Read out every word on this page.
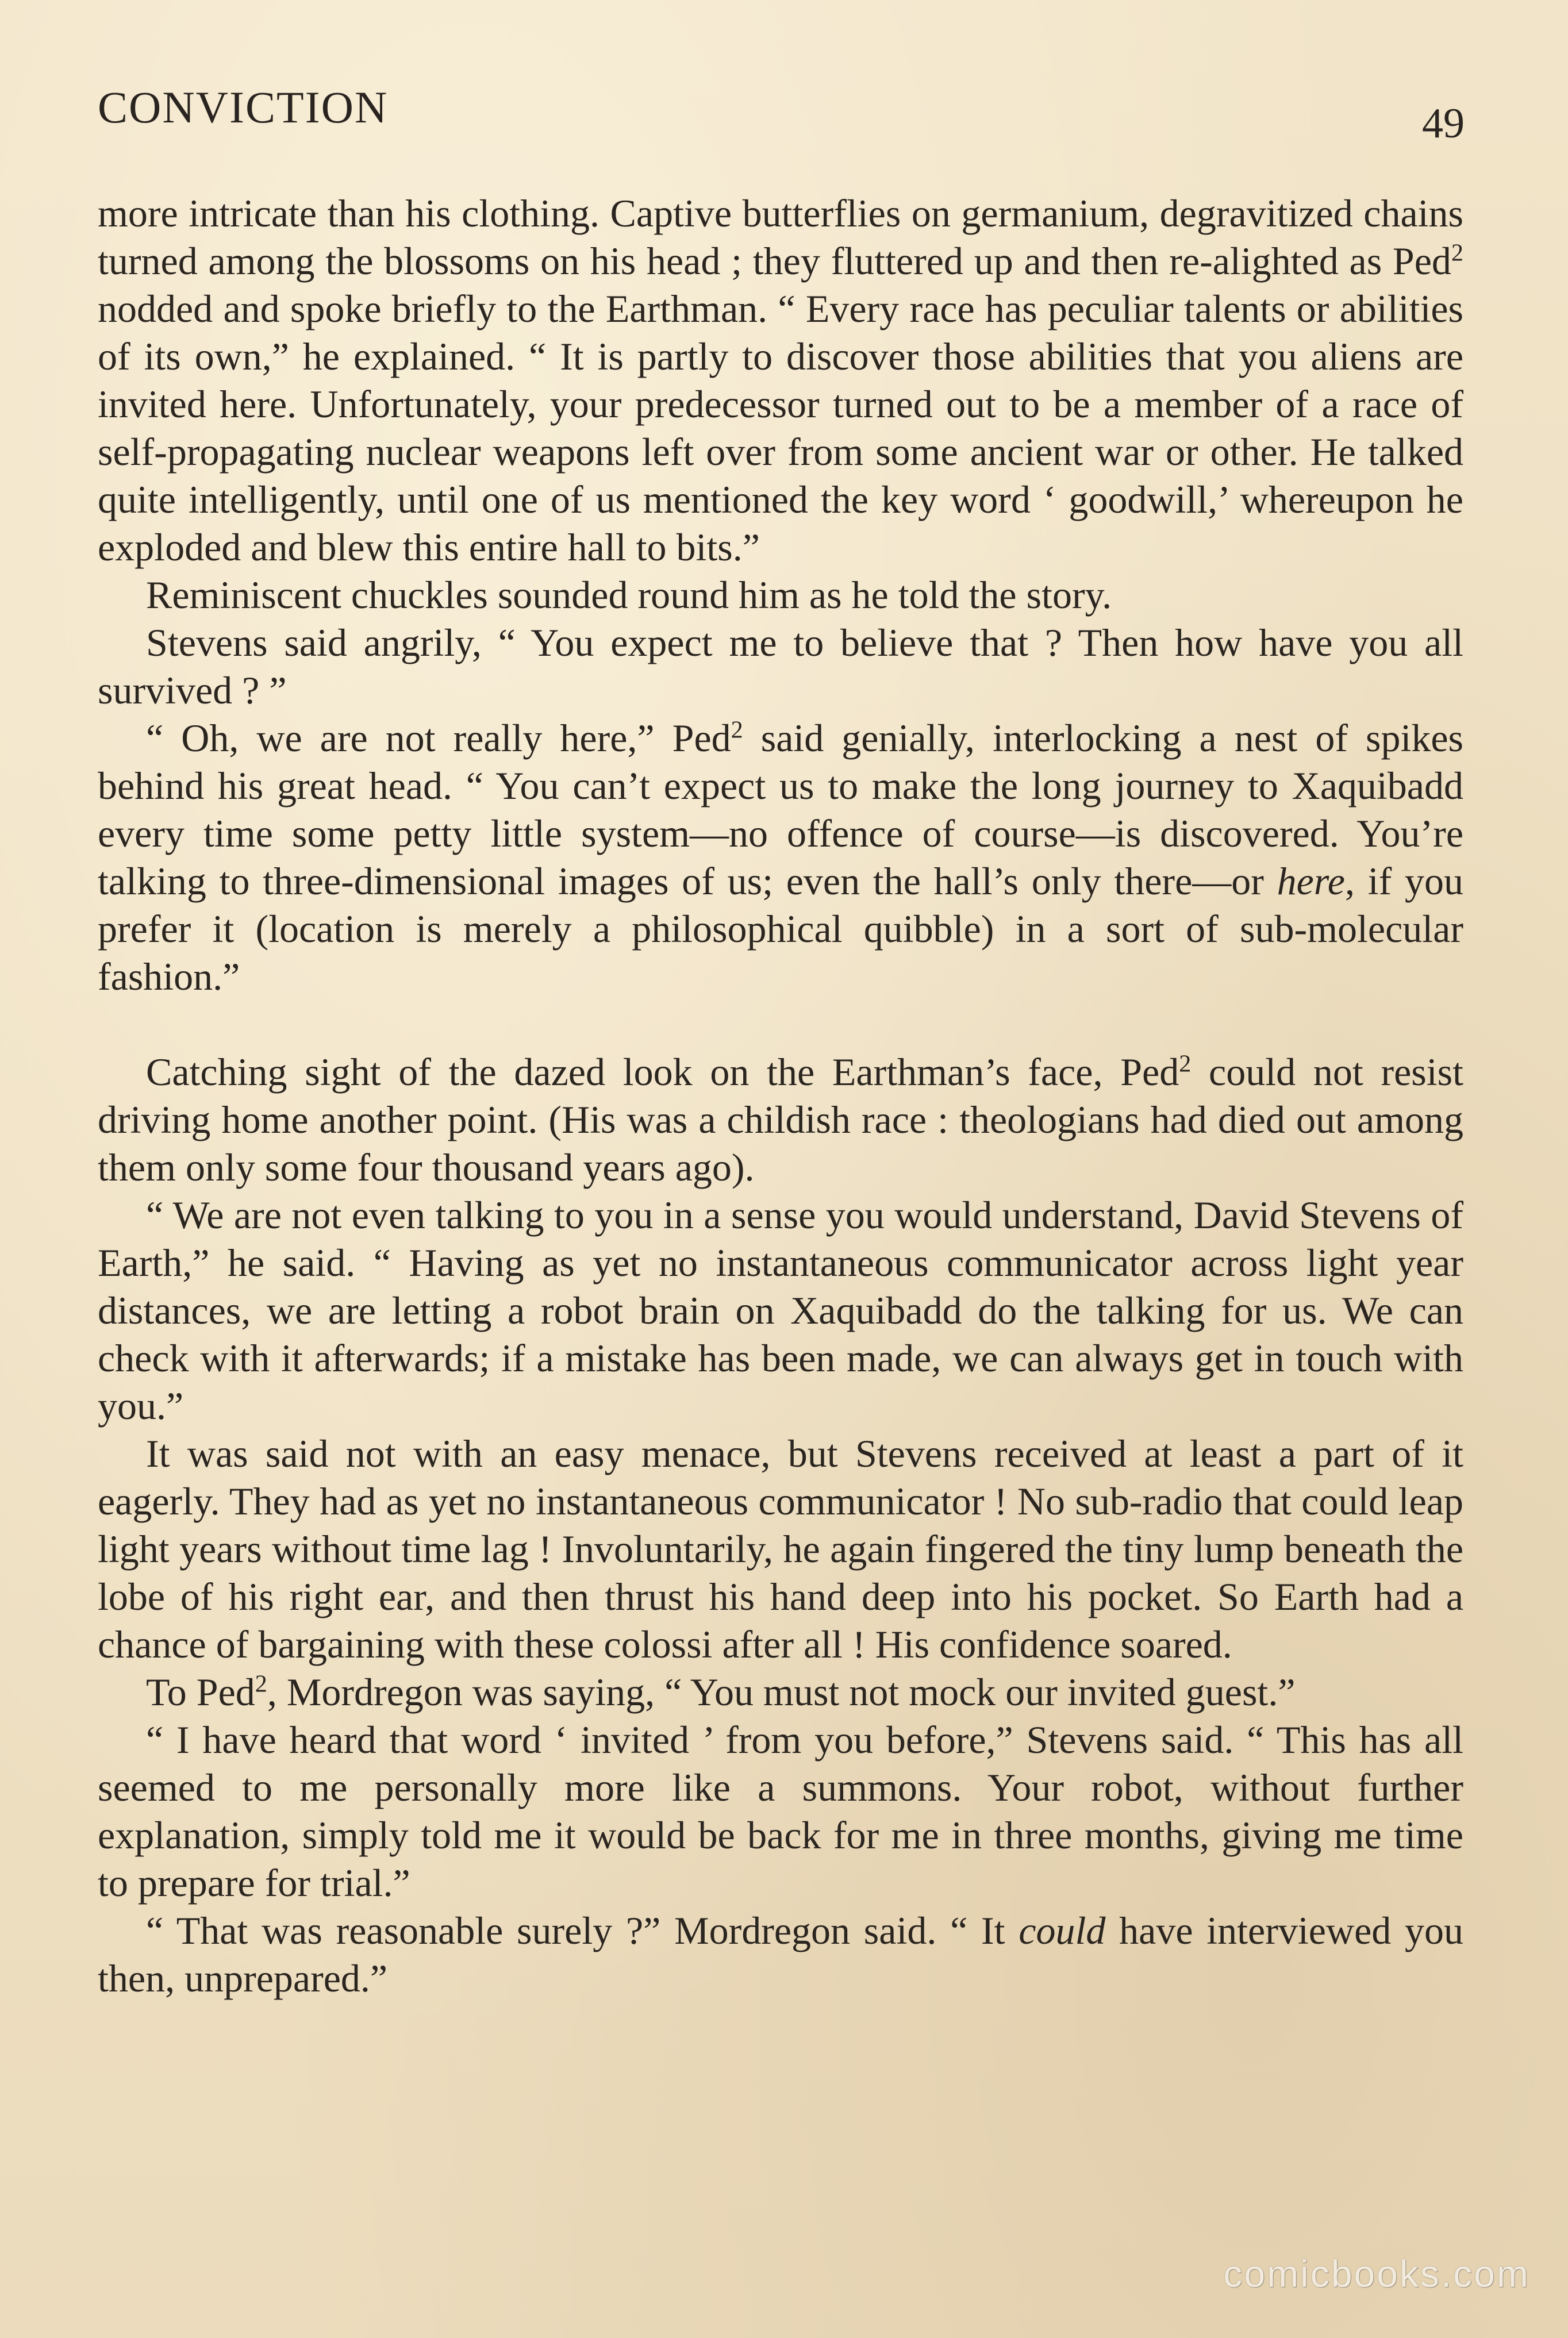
CONVICTION	49

more intricate than his clothing. Captive butterflies on germanium, degravitized chains turned among the blossoms on his head ; they fluttered up and then re-alighted as Ped$^2$ nodded and spoke briefly to the Earthman. “ Every race has peculiar talents or abilities of its own,” he explained. “ It is partly to discover those abilities that you aliens are invited here. Unfortunately, your predecessor turned out to be a member of a race of self-propagating nuclear weapons left over from some ancient war or other. He talked quite intelligently, until one of us mentioned the key word ‘ goodwill,’ whereupon he exploded and blew this entire hall to bits.”

Reminiscent chuckles sounded round him as he told the story.

Stevens said angrily, “ You expect me to believe that ? Then how have you all survived ? ”

“ Oh, we are not really here,” Ped$^2$ said genially, interlocking a nest of spikes behind his great head. “ You can’t expect us to make the long journey to Xaquibadd every time some petty little system—no offence of course—is discovered. You’re talking to three-dimensional images of us; even the hall’s only there—or here, if you prefer it (location is merely a philosophical quibble) in a sort of sub-molecular fashion.”

Catching sight of the dazed look on the Earthman’s face, Ped$^2$ could not resist driving home another point. (His was a childish race : theologians had died out among them only some four thousand years ago).

“ We are not even talking to you in a sense you would understand, David Stevens of Earth,” he said. “ Having as yet no instantaneous communicator across light year distances, we are letting a robot brain on Xaquibadd do the talking for us. We can check with it afterwards; if a mistake has been made, we can always get in touch with you.”

It was said not with an easy menace, but Stevens received at least a part of it eagerly. They had as yet no instantaneous communicator ! No sub-radio that could leap light years without time lag ! Involuntarily, he again fingered the tiny lump beneath the lobe of his right ear, and then thrust his hand deep into his pocket. So Earth had a chance of bargaining with these colossi after all ! His confidence soared.

To Ped$^2$, Mordregon was saying, “ You must not mock our invited guest.”

“ I have heard that word ‘ invited ’ from you before,” Stevens said. “ This has all seemed to me personally more like a summons. Your robot, without further explanation, simply told me it would be back for me in three months, giving me time to prepare for trial.”

“ That was reasonable surely ?” Mordregon said. “ It could have interviewed you then, unprepared.”

comicbooks.com
